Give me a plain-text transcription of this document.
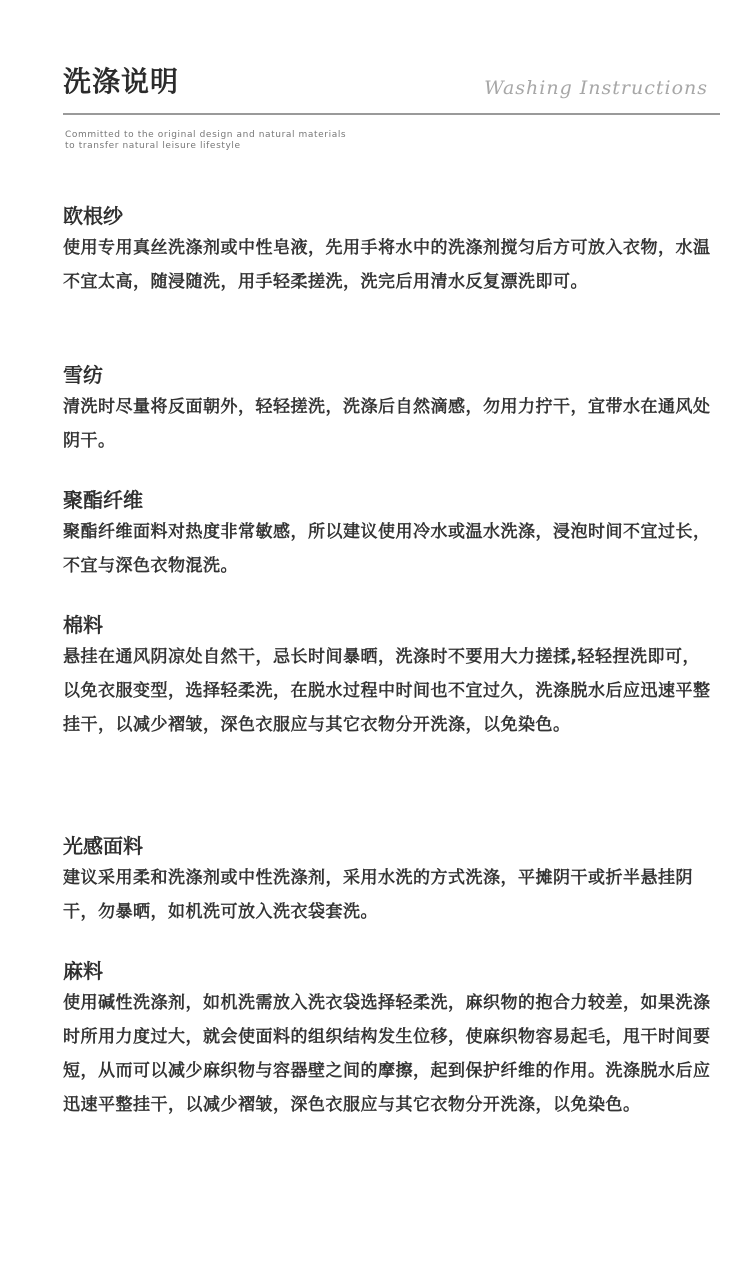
洗涤说明	Washing Instructions
Committed to the original design and natural materials
to transfer natural leisure lifestyle
欧根纱

使用专用真丝洗涤剂或中性皂液，先用手将水中的洗涤剂搅匀后方可放入衣物，水温不宜太高，随浸随洗，用手轻柔搓洗，洗完后用清水反复漂洗即可。

雪纺

清洗时尽量将反面朝外，轻轻搓洗，洗涤后自然滴感，勿用力拧干，宜带水在通风处阴干。

聚酯纤维

聚酯纤维面料对热度非常敏感，所以建议使用冷水或温水洗涤，浸泡时间不宜过长，不宜与深色衣物混洗。

棉料

悬挂在通风阴凉处自然干，忌长时间暴晒，洗涤时不要用大力搓揉,轻轻捏洗即可，以免衣服变型，选择轻柔洗，在脱水过程中时间也不宜过久，洗涤脱水后应迅速平整挂干，以减少褶皱，深色衣服应与其它衣物分开洗涤，以免染色。

光感面料

建议采用柔和洗涤剂或中性洗涤剂，采用水洗的方式洗涤，平摊阴干或折半悬挂阴干，勿暴晒，如机洗可放入洗衣袋套洗。

麻料

使用碱性洗涤剂，如机洗需放入洗衣袋选择轻柔洗，麻织物的抱合力较差，如果洗涤时所用力度过大，就会使面料的组织结构发生位移，使麻织物容易起毛，甩干时间要短，从而可以减少麻织物与容器壁之间的摩擦，起到保护纤维的作用。洗涤脱水后应迅速平整挂干，以减少褶皱，深色衣服应与其它衣物分开洗涤，以免染色。
